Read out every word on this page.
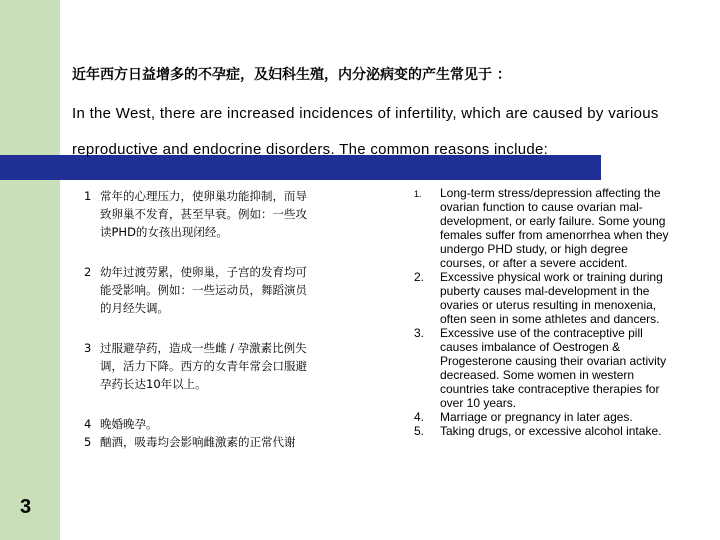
近年西方日益增多的不孕症，及妇科生殖，内分泌病变的产生常见于 ：
In the West, there are increased incidences of infertility, which are caused by various reproductive and endocrine disorders. The common reasons include:
1 常年的心理压力，使卵巢功能抑制，而导
致卵巢不发育，甚至早衰。例如：一些攻
读PHD的女孩出现闭经。
2 幼年过渡劳累，使卵巢，子宫的发育均可
能受影响。例如：一些运动员，舞蹈演员
的月经失调。
3 过服避孕药，造成一些雌 / 孕激素比例失
调，活力下降。西方的女青年常会口服避
孕药长达10年以上。
4 晚婚晚孕。
5 酗酒，吸毒均会影响雌激素的正常代谢
1.	Long-term stress/depression affecting the ovarian function to cause ovarian mal-development, or early failure. Some young females suffer from amenorrhea when they undergo PHD study, or high degree courses, or after a severe accident.
2.	Excessive physical work or training during puberty causes mal-development in the ovaries or uterus resulting in menoxenia, often seen in some athletes and dancers.
3.	Excessive use of the contraceptive pill causes imbalance of Oestrogen & Progesterone causing their ovarian activity decreased. Some women in western countries take contraceptive therapies for over 10 years.
4.	Marriage or pregnancy in later ages.
5.	Taking drugs, or excessive alcohol intake.
3
